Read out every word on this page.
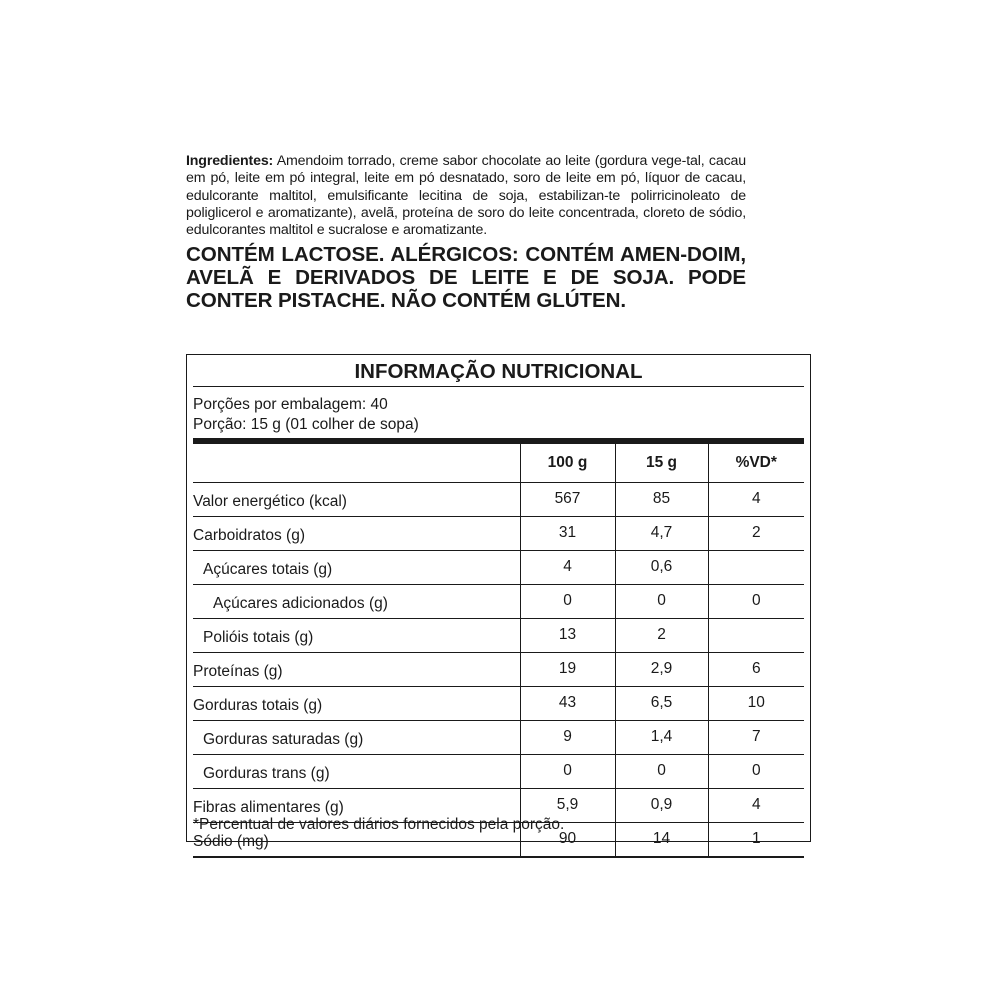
Ingredientes: Amendoim torrado, creme sabor chocolate ao leite (gordura vege-tal, cacau em pó, leite em pó integral, leite em pó desnatado, soro de leite em pó, líquor de cacau, edulcorante maltitol, emulsificante lecitina de soja, estabilizan-te polirricinoleato de poliglicerol e aromatizante), avelã, proteína de soro do leite concentrada, cloreto de sódio, edulcorantes maltitol e sucralose e aromatizante.
CONTÉM LACTOSE. ALÉRGICOS: CONTÉM AMEN-DOIM, AVELÃ E DERIVADOS DE LEITE E DE SOJA. PODE CONTER PISTACHE. NÃO CONTÉM GLÚTEN.
INFORMAÇÃO NUTRICIONAL
Porções por embalagem: 40
Porção: 15 g (01 colher de sopa)
	100 g	15 g	%VD*
Valor energético (kcal)	567	85	4
Carboidratos (g)	31	4,7	2
Açúcares totais (g)	4	0,6	
Açúcares adicionados (g)	0	0	0
Polióis totais (g)	13	2	
Proteínas (g)	19	2,9	6
Gorduras totais (g)	43	6,5	10
Gorduras saturadas (g)	9	1,4	7
Gorduras trans (g)	0	0	0
Fibras alimentares (g)	5,9	0,9	4
Sódio (mg)	90	14	1
*Percentual de valores diários fornecidos pela porção.
